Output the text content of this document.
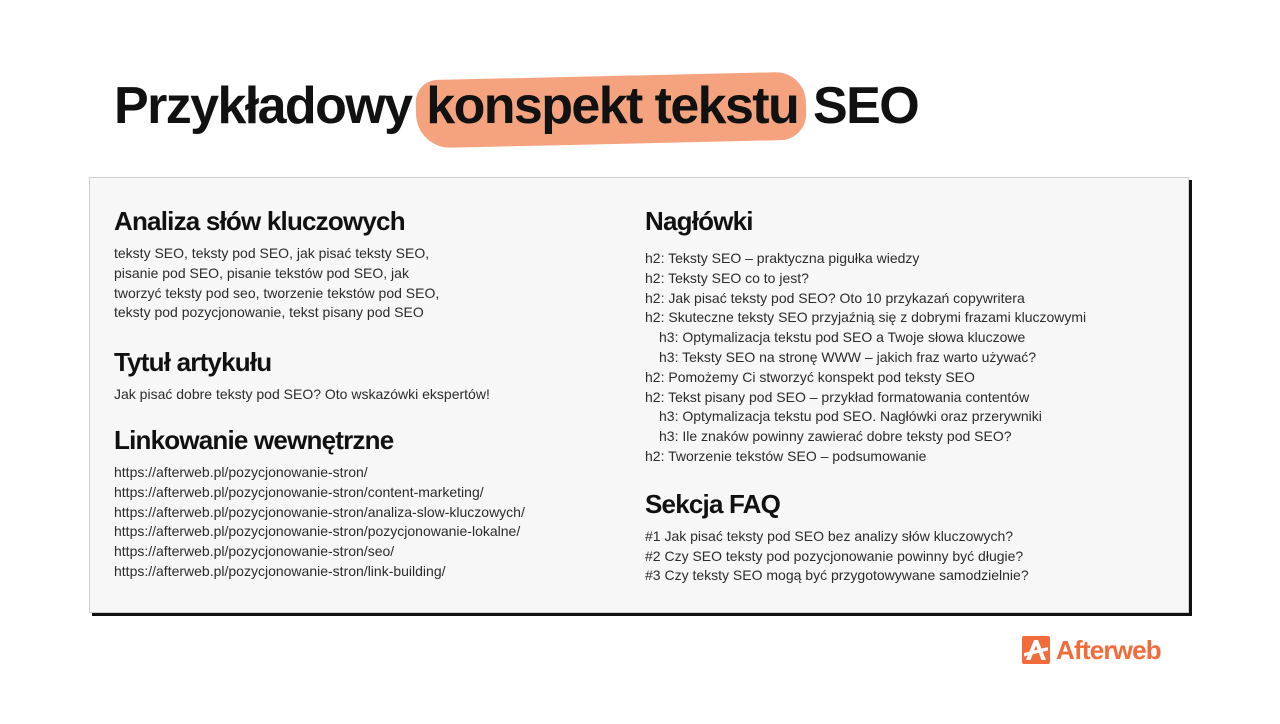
Przykładowy konspekt tekstu SEO
Analiza słów kluczowych

teksty SEO, teksty pod SEO, jak pisać teksty SEO,
pisanie pod SEO, pisanie tekstów pod SEO, jak
tworzyć teksty pod seo, tworzenie tekstów pod SEO,
teksty pod pozycjonowanie, tekst pisany pod SEO

Tytuł artykułu

Jak pisać dobre teksty pod SEO? Oto wskazówki ekspertów!

Linkowanie wewnętrzne
https://afterweb.pl/pozycjonowanie-stron/
https://afterweb.pl/pozycjonowanie-stron/content-marketing/
https://afterweb.pl/pozycjonowanie-stron/analiza-slow-kluczowych/
https://afterweb.pl/pozycjonowanie-stron/pozycjonowanie-lokalne/
https://afterweb.pl/pozycjonowanie-stron/seo/
https://afterweb.pl/pozycjonowanie-stron/link-building/
Nagłówki
h2: Teksty SEO – praktyczna pigułka wiedzy
h2: Teksty SEO co to jest?
h2: Jak pisać teksty pod SEO? Oto 10 przykazań copywritera
h2: Skuteczne teksty SEO przyjaźnią się z dobrymi frazami kluczowymi
h3: Optymalizacja tekstu pod SEO a Twoje słowa kluczowe
h3: Teksty SEO na stronę WWW – jakich fraz warto używać?
h2: Pomożemy Ci stworzyć konspekt pod teksty SEO
h2: Tekst pisany pod SEO – przykład formatowania contentów
h3: Optymalizacja tekstu pod SEO. Nagłówki oraz przerywniki
h3: Ile znaków powinny zawierać dobre teksty pod SEO?
h2: Tworzenie tekstów SEO – podsumowanie
Sekcja FAQ
#1 Jak pisać teksty pod SEO bez analizy słów kluczowych?
#2 Czy SEO teksty pod pozycjonowanie powinny być długie?
#3 Czy teksty SEO mogą być przygotowywane samodzielnie?
Afterweb
